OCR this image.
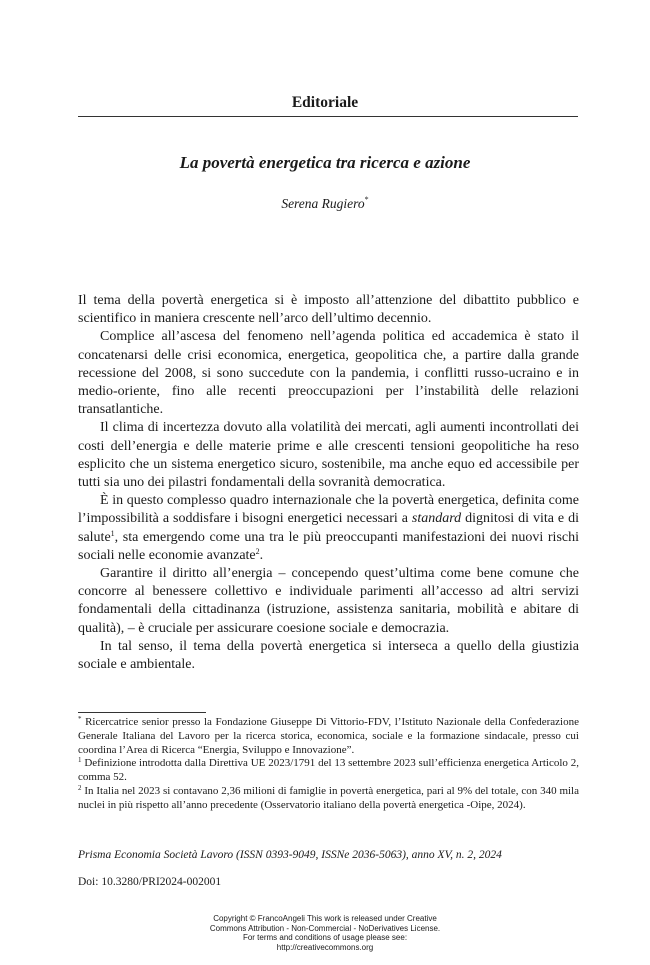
Editoriale
La povertà energetica tra ricerca e azione
Serena Rugiero*

Il tema della povertà energetica si è imposto all’attenzione del dibattito pubblico e scientifico in maniera crescente nell’arco dell’ultimo decennio.

Complice all’ascesa del fenomeno nell’agenda politica ed accademica è stato il concatenarsi delle crisi economica, energetica, geopolitica che, a partire dalla grande recessione del 2008, si sono succedute con la pandemia, i conflitti russo-ucraino e in medio-oriente, fino alle recenti preoccupazioni per l’instabilità delle relazioni transatlantiche.

Il clima di incertezza dovuto alla volatilità dei mercati, agli aumenti incontrollati dei costi dell’energia e delle materie prime e alle crescenti tensioni geopolitiche ha reso esplicito che un sistema energetico sicuro, sostenibile, ma anche equo ed accessibile per tutti sia uno dei pilastri fondamentali della sovranità democratica.

È in questo complesso quadro internazionale che la povertà energetica, definita come l’impossibilità a soddisfare i bisogni energetici necessari a standard dignitosi di vita e di salute$^1$, sta emergendo come una tra le più preoccupanti manifestazioni dei nuovi rischi sociali nelle economie avanzate$^2$.

Garantire il diritto all’energia – concependo quest’ultima come bene comune che concorre al benessere collettivo e individuale parimenti all’accesso ad altri servizi fondamentali della cittadinanza (istruzione, assistenza sanitaria, mobilità e abitare di qualità), – è cruciale per assicurare coesione sociale e democrazia.

In tal senso, il tema della povertà energetica si interseca a quello della giustizia sociale e ambientale.

* Ricercatrice senior presso la Fondazione Giuseppe Di Vittorio-FDV, l’Istituto Nazionale della Confederazione Generale Italiana del Lavoro per la ricerca storica, economica, sociale e la formazione sindacale, presso cui coordina l’Area di Ricerca “Energia, Sviluppo e Innovazione”.

$^1$ Definizione introdotta dalla Direttiva UE 2023/1791 del 13 settembre 2023 sull’efficienza energetica Articolo 2, comma 52.

$^2$ In Italia nel 2023 si contavano 2,36 milioni di famiglie in povertà energetica, pari al 9% del totale, con 340 mila nuclei in più rispetto all’anno precedente (Osservatorio italiano della povertà energetica -Oipe, 2024).

Prisma Economia Società Lavoro (ISSN 0393-9049, ISSNe 2036-5063), anno XV, n. 2, 2024
Doi: 10.3280/PRI2024-002001
Copyright © FrancoAngeli This work is released under Creative
Commons Attribution - Non-Commercial - NoDerivatives License.
For terms and conditions of usage please see:
http://creativecommons.org
